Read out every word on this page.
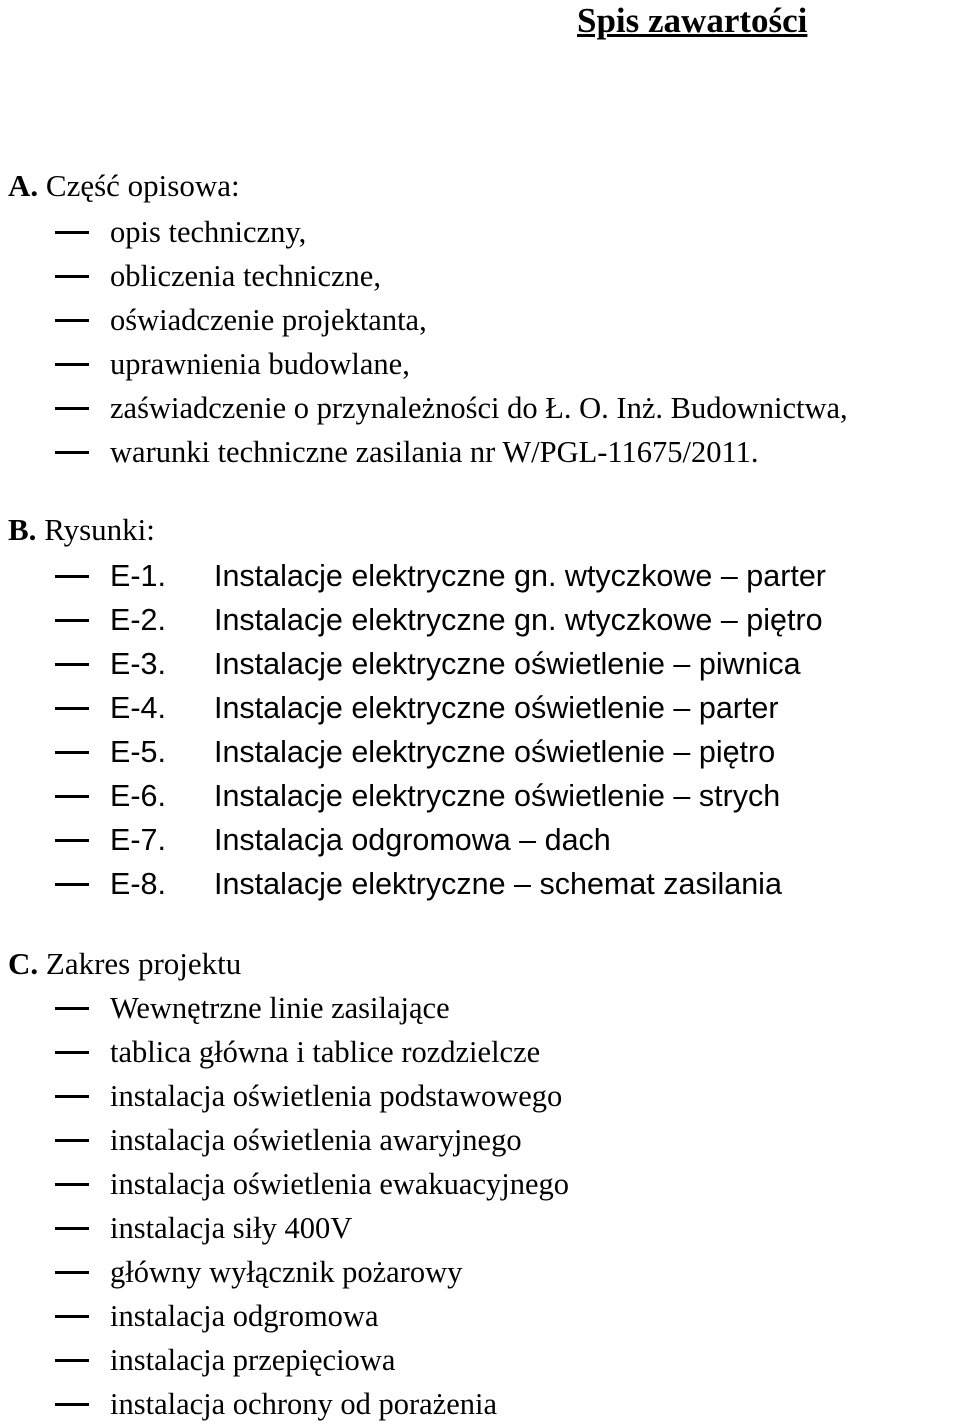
Spis zawartości
A. Część opisowa:
opis techniczny,
obliczenia techniczne,
oświadczenie projektanta,
uprawnienia budowlane,
zaświadczenie o przynależności do Ł. O. Inż. Budownictwa,
warunki techniczne zasilania nr W/PGL-11675/2011.
B. Rysunki:
E-1. Instalacje elektryczne gn. wtyczkowe – parter
E-2. Instalacje elektryczne gn. wtyczkowe – piętro
E-3. Instalacje elektryczne oświetlenie – piwnica
E-4. Instalacje elektryczne oświetlenie – parter
E-5. Instalacje elektryczne oświetlenie – piętro
E-6. Instalacje elektryczne oświetlenie – strych
E-7. Instalacja odgromowa – dach
E-8. Instalacje elektryczne – schemat zasilania
C. Zakres projektu
Wewnętrzne linie zasilające
tablica główna i tablice rozdzielcze
instalacja oświetlenia podstawowego
instalacja oświetlenia awaryjnego
instalacja oświetlenia ewakuacyjnego
instalacja siły 400V
główny wyłącznik pożarowy
instalacja odgromowa
instalacja przepięciowa
instalacja ochrony od porażenia
